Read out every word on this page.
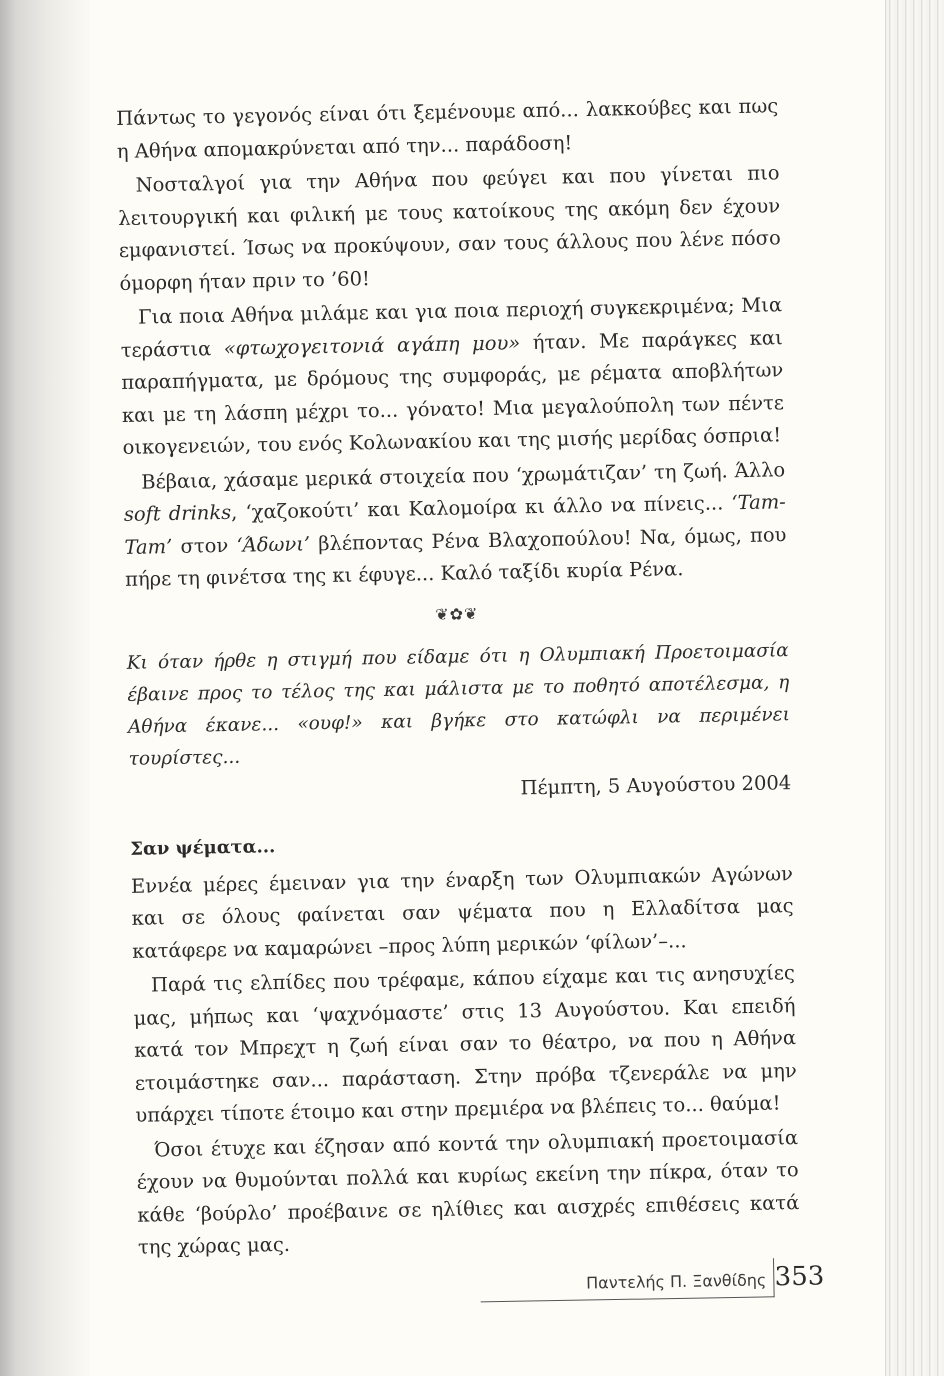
Πάντως το γεγονός είναι ότι ξεμένουμε από... λακκούβες και πως η Αθήνα απομακρύνεται από την... παράδοση!

Νοσταλγοί για την Αθήνα που φεύγει και που γίνεται πιο λειτουργική και φιλική με τους κατοίκους της ακόμη δεν έχουν εμφανιστεί. Ίσως να προκύψουν, σαν τους άλλους που λένε πόσο όμορφη ήταν πριν το ’60!

Για ποια Αθήνα μιλάμε και για ποια περιοχή συγκεκριμένα; Μια τεράστια «φτωχογειτονιά αγάπη μου» ήταν. Με παράγκες και παραπήγματα, με δρόμους της συμφοράς, με ρέματα αποβλήτων και με τη λάσπη μέχρι το... γόνατο! Μια μεγαλούπολη των πέντε οικογενειών, του ενός Κολωνακίου και της μισής μερίδας όσπρια!

Βέβαια, χάσαμε μερικά στοιχεία που ‘χρωμάτιζαν’ τη ζωή. Άλλο soft drinks, ‘χαζοκούτι’ και Καλομοίρα κι άλλο να πίνεις... ‘Tam-Tam’ στον ‘Άδωνι’ βλέποντας Ρένα Βλαχοπούλου! Να, όμως, που πήρε τη φινέτσα της κι έφυγε... Καλό ταξίδι κυρία Ρένα.

❦✿❦

Κι όταν ήρθε η στιγμή που είδαμε ότι η Ολυμπιακή Προετοιμασία έβαινε προς το τέλος της και μάλιστα με το ποθητό αποτέλεσμα, η Αθήνα έκανε... «ουφ!» και βγήκε στο κατώφλι να περιμένει τουρίστες...

Πέμπτη, 5 Αυγούστου 2004

Σαν ψέματα...

Εννέα μέρες έμειναν για την έναρξη των Ολυμπιακών Αγώνων και σε όλους φαίνεται σαν ψέματα που η Ελλαδίτσα μας κατάφερε να καμαρώνει –προς λύπη μερικών ‘φίλων’–...

Παρά τις ελπίδες που τρέφαμε, κάπου είχαμε και τις ανησυχίες μας, μήπως και ‘ψαχνόμαστε’ στις 13 Αυγούστου. Και επειδή κατά τον Μπρεχτ η ζωή είναι σαν το θέατρο, να που η Αθήνα ετοιμάστηκε σαν... παράσταση. Στην πρόβα τζενεράλε να μην υπάρχει τίποτε έτοιμο και στην πρεμιέρα να βλέπεις το... θαύμα!

Όσοι έτυχε και έζησαν από κοντά την ολυμπιακή προετοιμασία έχουν να θυμούνται πολλά και κυρίως εκείνη την πίκρα, όταν το κάθε ‘βούρλο’ προέβαινε σε ηλίθιες και αισχρές επιθέσεις κατά της χώρας μας.

Παντελής Π. Ξανθίδης 353
